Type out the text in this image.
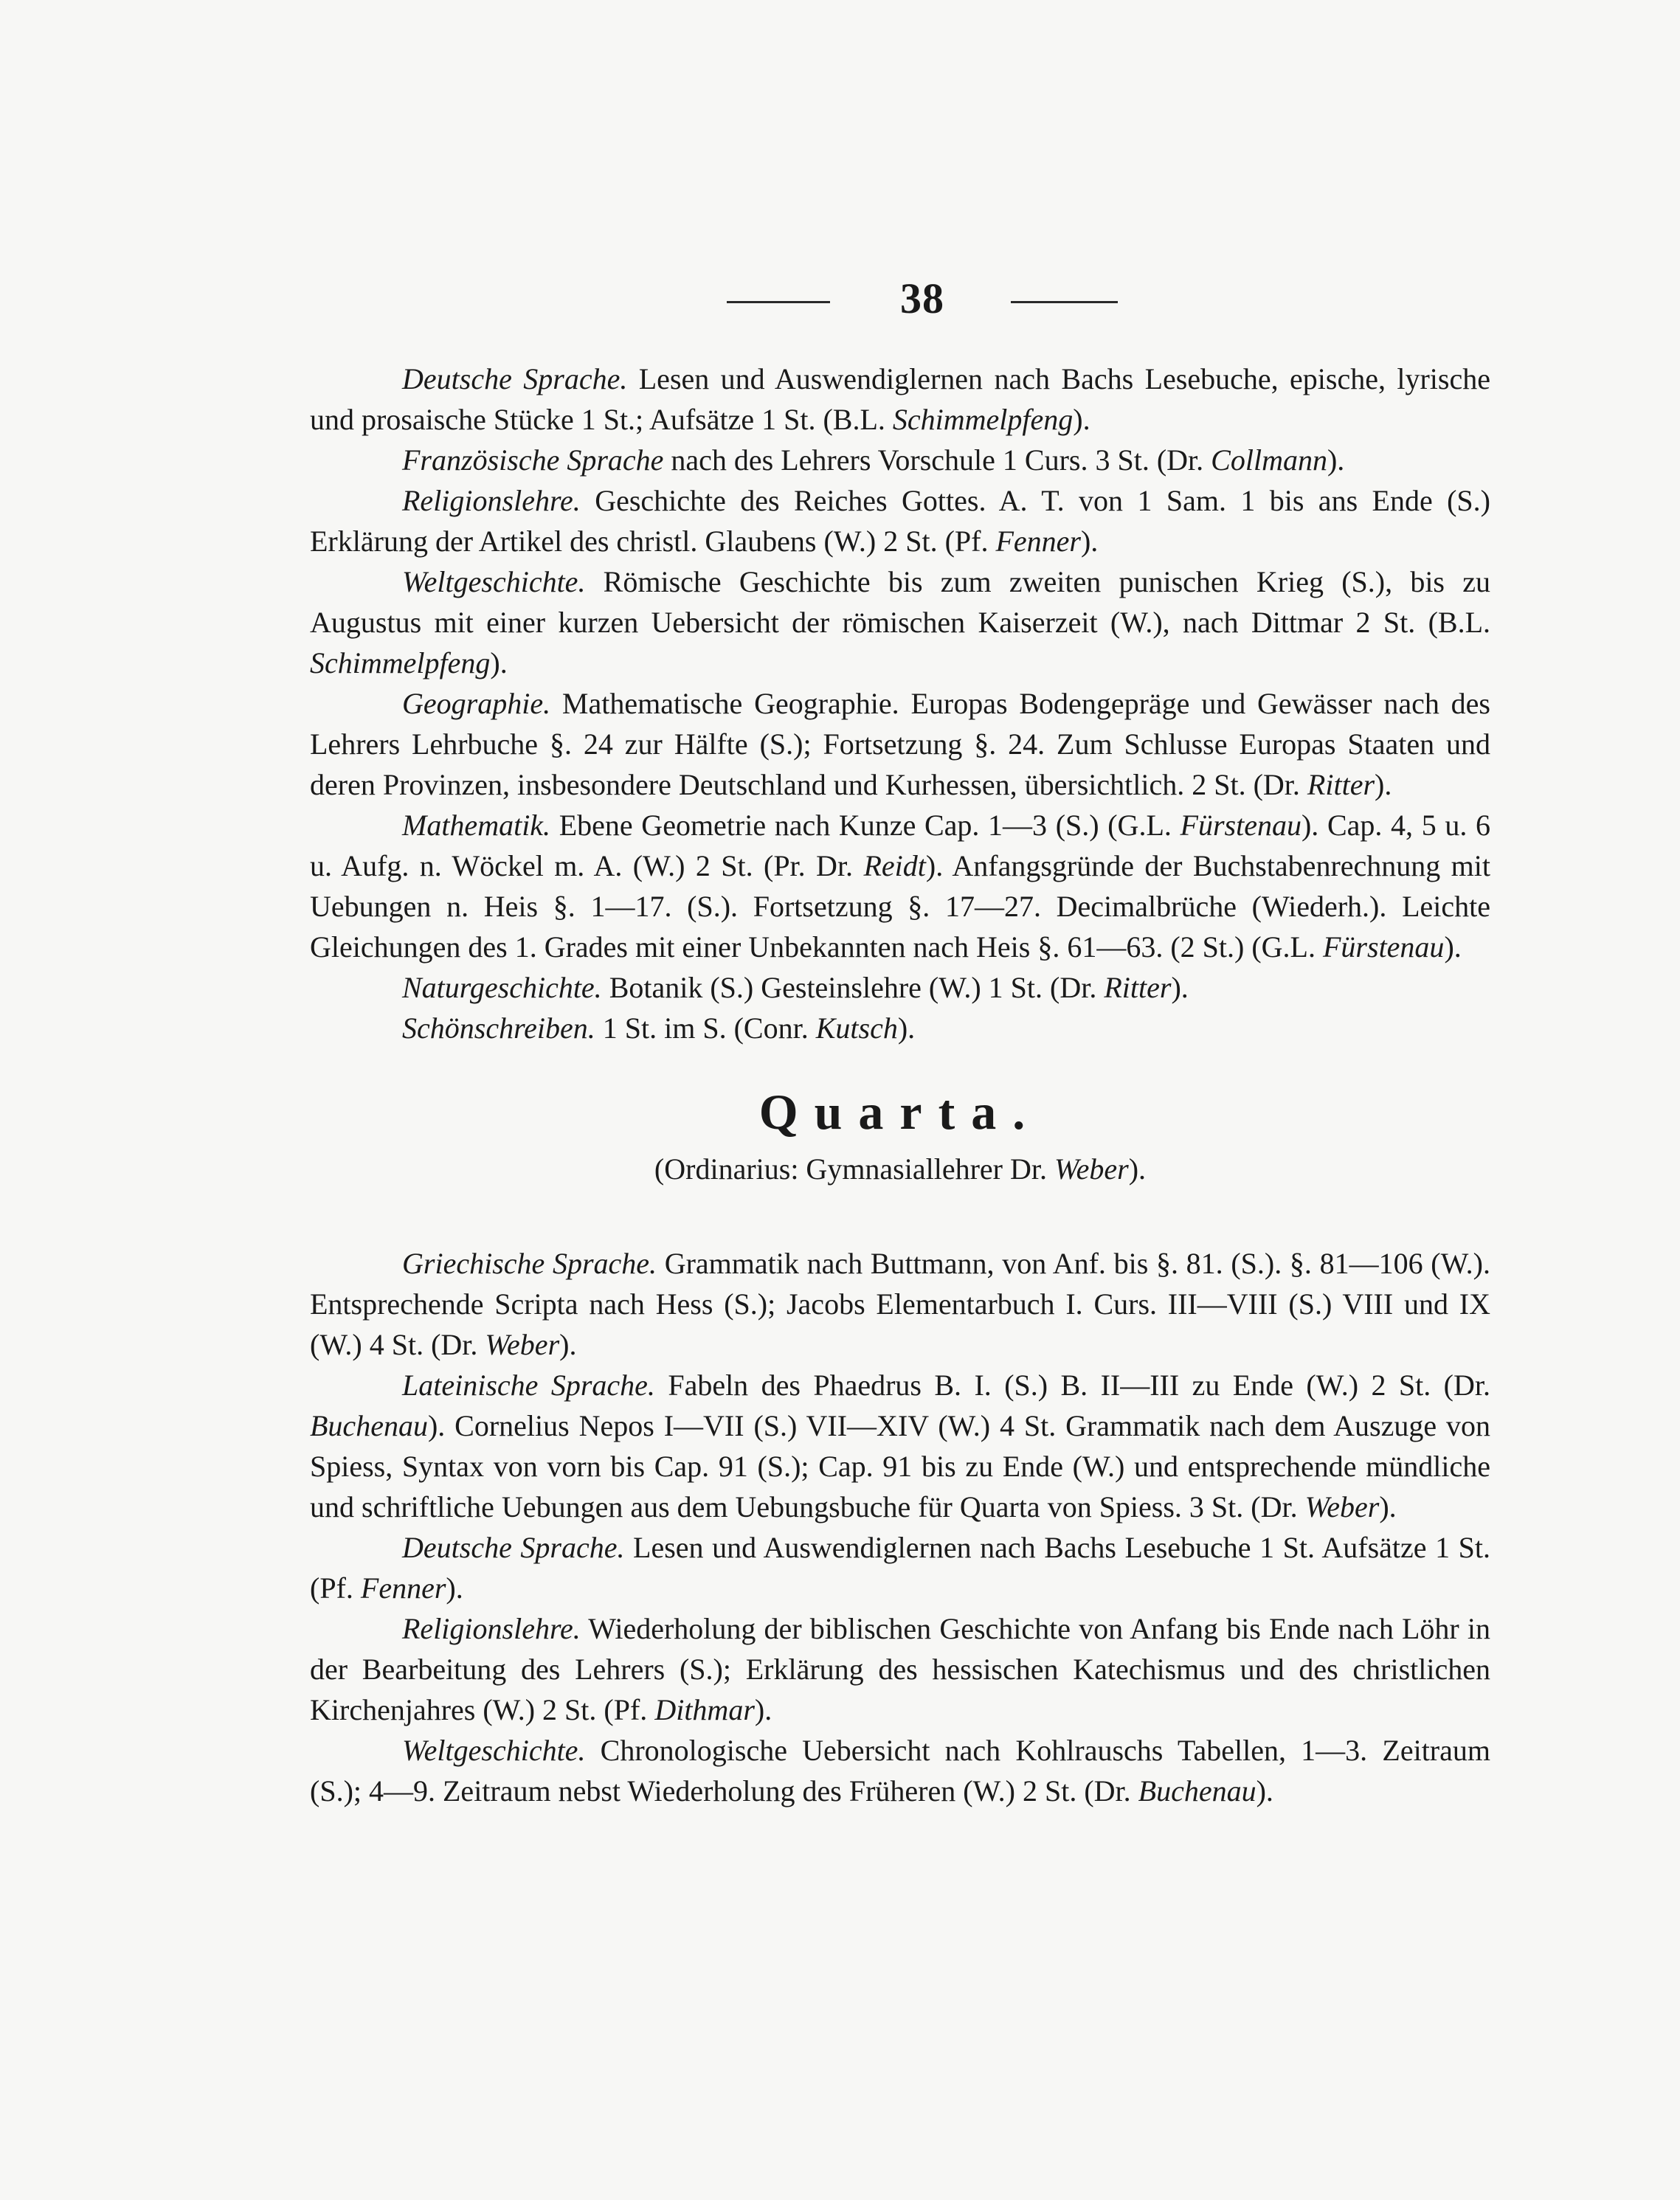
38

Deutsche Sprache. Lesen und Auswendiglernen nach Bachs Lesebuche, epische, lyrische und prosaische Stücke 1 St.; Aufsätze 1 St. (B.L. Schimmelpfeng).

Französische Sprache nach des Lehrers Vorschule 1 Curs. 3 St. (Dr. Collmann).

Religionslehre. Geschichte des Reiches Gottes. A. T. von 1 Sam. 1 bis ans Ende (S.) Erklärung der Artikel des christl. Glaubens (W.) 2 St. (Pf. Fenner).

Weltgeschichte. Römische Geschichte bis zum zweiten punischen Krieg (S.), bis zu Augustus mit einer kurzen Uebersicht der römischen Kaiserzeit (W.), nach Dittmar 2 St. (B.L. Schimmelpfeng).

Geographie. Mathematische Geographie. Europas Bodengepräge und Gewässer nach des Lehrers Lehrbuche §. 24 zur Hälfte (S.); Fortsetzung §. 24. Zum Schlusse Europas Staaten und deren Provinzen, insbesondere Deutschland und Kurhessen, übersichtlich. 2 St. (Dr. Ritter).

Mathematik. Ebene Geometrie nach Kunze Cap. 1—3 (S.) (G.L. Fürstenau). Cap. 4, 5 u. 6 u. Aufg. n. Wöckel m. A. (W.) 2 St. (Pr. Dr. Reidt). Anfangsgründe der Buchstabenrechnung mit Uebungen n. Heis §. 1—17. (S.). Fortsetzung §. 17—27. Decimalbrüche (Wiederh.). Leichte Gleichungen des 1. Grades mit einer Unbekannten nach Heis §. 61—63. (2 St.) (G.L. Fürstenau).

Naturgeschichte. Botanik (S.) Gesteinslehre (W.) 1 St. (Dr. Ritter).

Schönschreiben. 1 St. im S. (Conr. Kutsch).

Quarta.

(Ordinarius: Gymnasiallehrer Dr. Weber).

Griechische Sprache. Grammatik nach Buttmann, von Anf. bis §. 81. (S.). §. 81—106 (W.). Entsprechende Scripta nach Hess (S.); Jacobs Elementarbuch I. Curs. III—VIII (S.) VIII und IX (W.) 4 St. (Dr. Weber).

Lateinische Sprache. Fabeln des Phaedrus B. I. (S.) B. II—III zu Ende (W.) 2 St. (Dr. Buchenau). Cornelius Nepos I—VII (S.) VII—XIV (W.) 4 St. Grammatik nach dem Auszuge von Spiess, Syntax von vorn bis Cap. 91 (S.); Cap. 91 bis zu Ende (W.) und entsprechende mündliche und schriftliche Uebungen aus dem Uebungsbuche für Quarta von Spiess. 3 St. (Dr. Weber).

Deutsche Sprache. Lesen und Auswendiglernen nach Bachs Lesebuche 1 St. Aufsätze 1 St. (Pf. Fenner).

Religionslehre. Wiederholung der biblischen Geschichte von Anfang bis Ende nach Löhr in der Bearbeitung des Lehrers (S.); Erklärung des hessischen Katechismus und des christlichen Kirchenjahres (W.) 2 St. (Pf. Dithmar).

Weltgeschichte. Chronologische Uebersicht nach Kohlrauschs Tabellen, 1—3. Zeitraum (S.); 4—9. Zeitraum nebst Wiederholung des Früheren (W.) 2 St. (Dr. Buchenau).
